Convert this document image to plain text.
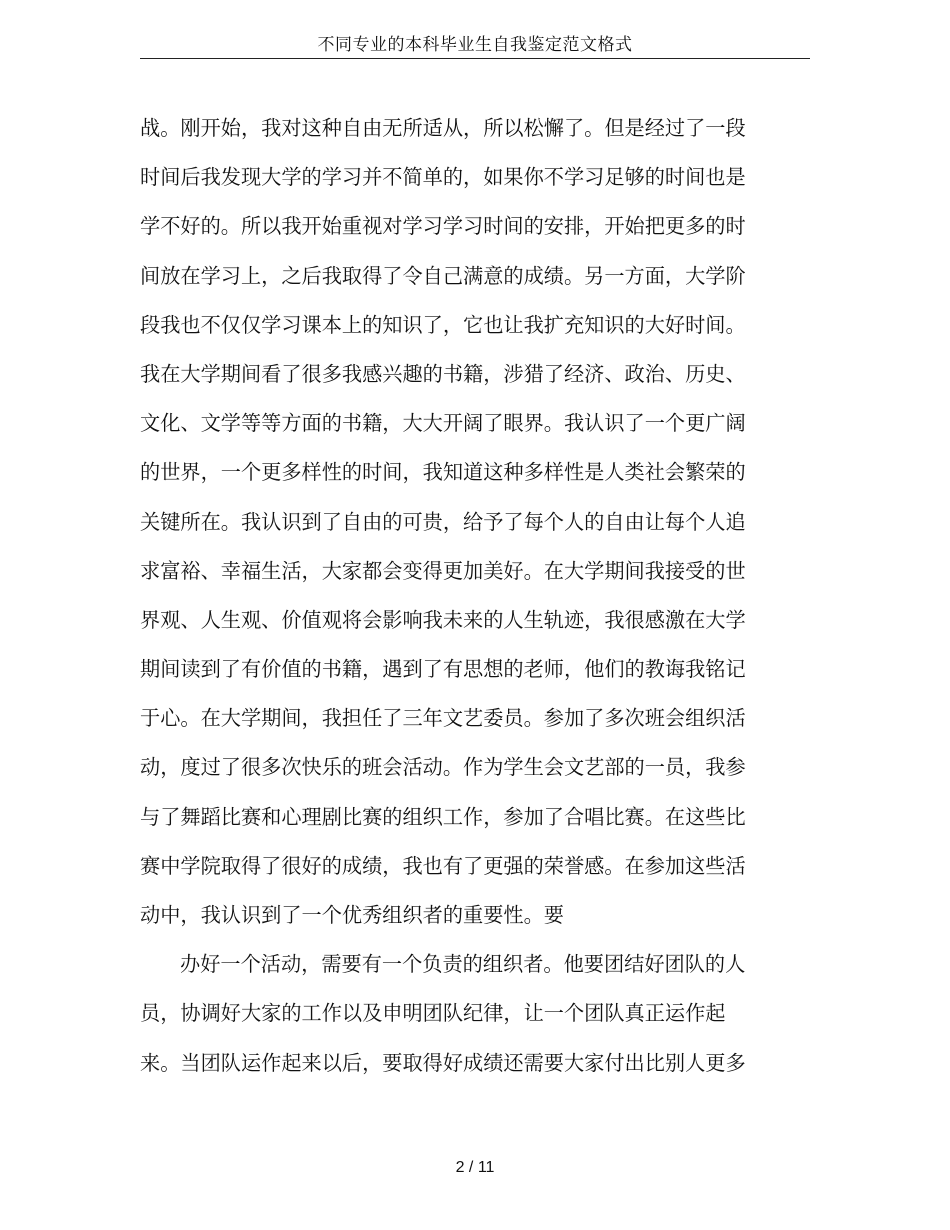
不同专业的本科毕业生自我鉴定范文格式
战。刚开始，我对这种自由无所适从，所以松懈了。但是经过了一段
时间后我发现大学的学习并不简单的，如果你不学习足够的时间也是
学不好的。所以我开始重视对学习学习时间的安排，开始把更多的时
间放在学习上，之后我取得了令自己满意的成绩。另一方面，大学阶
段我也不仅仅学习课本上的知识了，它也让我扩充知识的大好时间。
我在大学期间看了很多我感兴趣的书籍，涉猎了经济、政治、历史、
文化、文学等等方面的书籍，大大开阔了眼界。我认识了一个更广阔
的世界，一个更多样性的时间，我知道这种多样性是人类社会繁荣的
关键所在。我认识到了自由的可贵，给予了每个人的自由让每个人追
求富裕、幸福生活，大家都会变得更加美好。在大学期间我接受的世
界观、人生观、价值观将会影响我未来的人生轨迹，我很感激在大学
期间读到了有价值的书籍，遇到了有思想的老师，他们的教诲我铭记
于心。在大学期间，我担任了三年文艺委员。参加了多次班会组织活
动，度过了很多次快乐的班会活动。作为学生会文艺部的一员，我参
与了舞蹈比赛和心理剧比赛的组织工作，参加了合唱比赛。在这些比
赛中学院取得了很好的成绩，我也有了更强的荣誉感。在参加这些活
动中，我认识到了一个优秀组织者的重要性。要
办好一个活动，需要有一个负责的组织者。他要团结好团队的人
员，协调好大家的工作以及申明团队纪律，让一个团队真正运作起
来。当团队运作起来以后，要取得好成绩还需要大家付出比别人更多
2 / 11
